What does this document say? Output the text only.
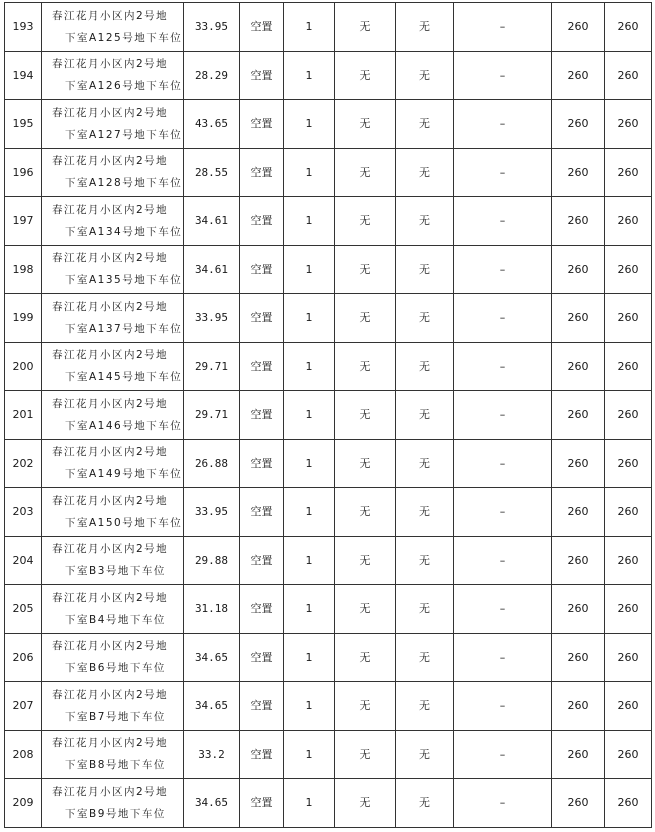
193	春江花月小区内2号地
下室A125号地下车位	33.95	空置	1	无	无	–	260	260
194	春江花月小区内2号地
下室A126号地下车位	28.29	空置	1	无	无	–	260	260
195	春江花月小区内2号地
下室A127号地下车位	43.65	空置	1	无	无	–	260	260
196	春江花月小区内2号地
下室A128号地下车位	28.55	空置	1	无	无	–	260	260
197	春江花月小区内2号地
下室A134号地下车位	34.61	空置	1	无	无	–	260	260
198	春江花月小区内2号地
下室A135号地下车位	34.61	空置	1	无	无	–	260	260
199	春江花月小区内2号地
下室A137号地下车位	33.95	空置	1	无	无	–	260	260
200	春江花月小区内2号地
下室A145号地下车位	29.71	空置	1	无	无	–	260	260
201	春江花月小区内2号地
下室A146号地下车位	29.71	空置	1	无	无	–	260	260
202	春江花月小区内2号地
下室A149号地下车位	26.88	空置	1	无	无	–	260	260
203	春江花月小区内2号地
下室A150号地下车位	33.95	空置	1	无	无	–	260	260
204	春江花月小区内2号地
下室B3号地下车位	29.88	空置	1	无	无	–	260	260
205	春江花月小区内2号地
下室B4号地下车位	31.18	空置	1	无	无	–	260	260
206	春江花月小区内2号地
下室B6号地下车位	34.65	空置	1	无	无	–	260	260
207	春江花月小区内2号地
下室B7号地下车位	34.65	空置	1	无	无	–	260	260
208	春江花月小区内2号地
下室B8号地下车位	33.2	空置	1	无	无	–	260	260
209	春江花月小区内2号地
下室B9号地下车位	34.65	空置	1	无	无	–	260	260
